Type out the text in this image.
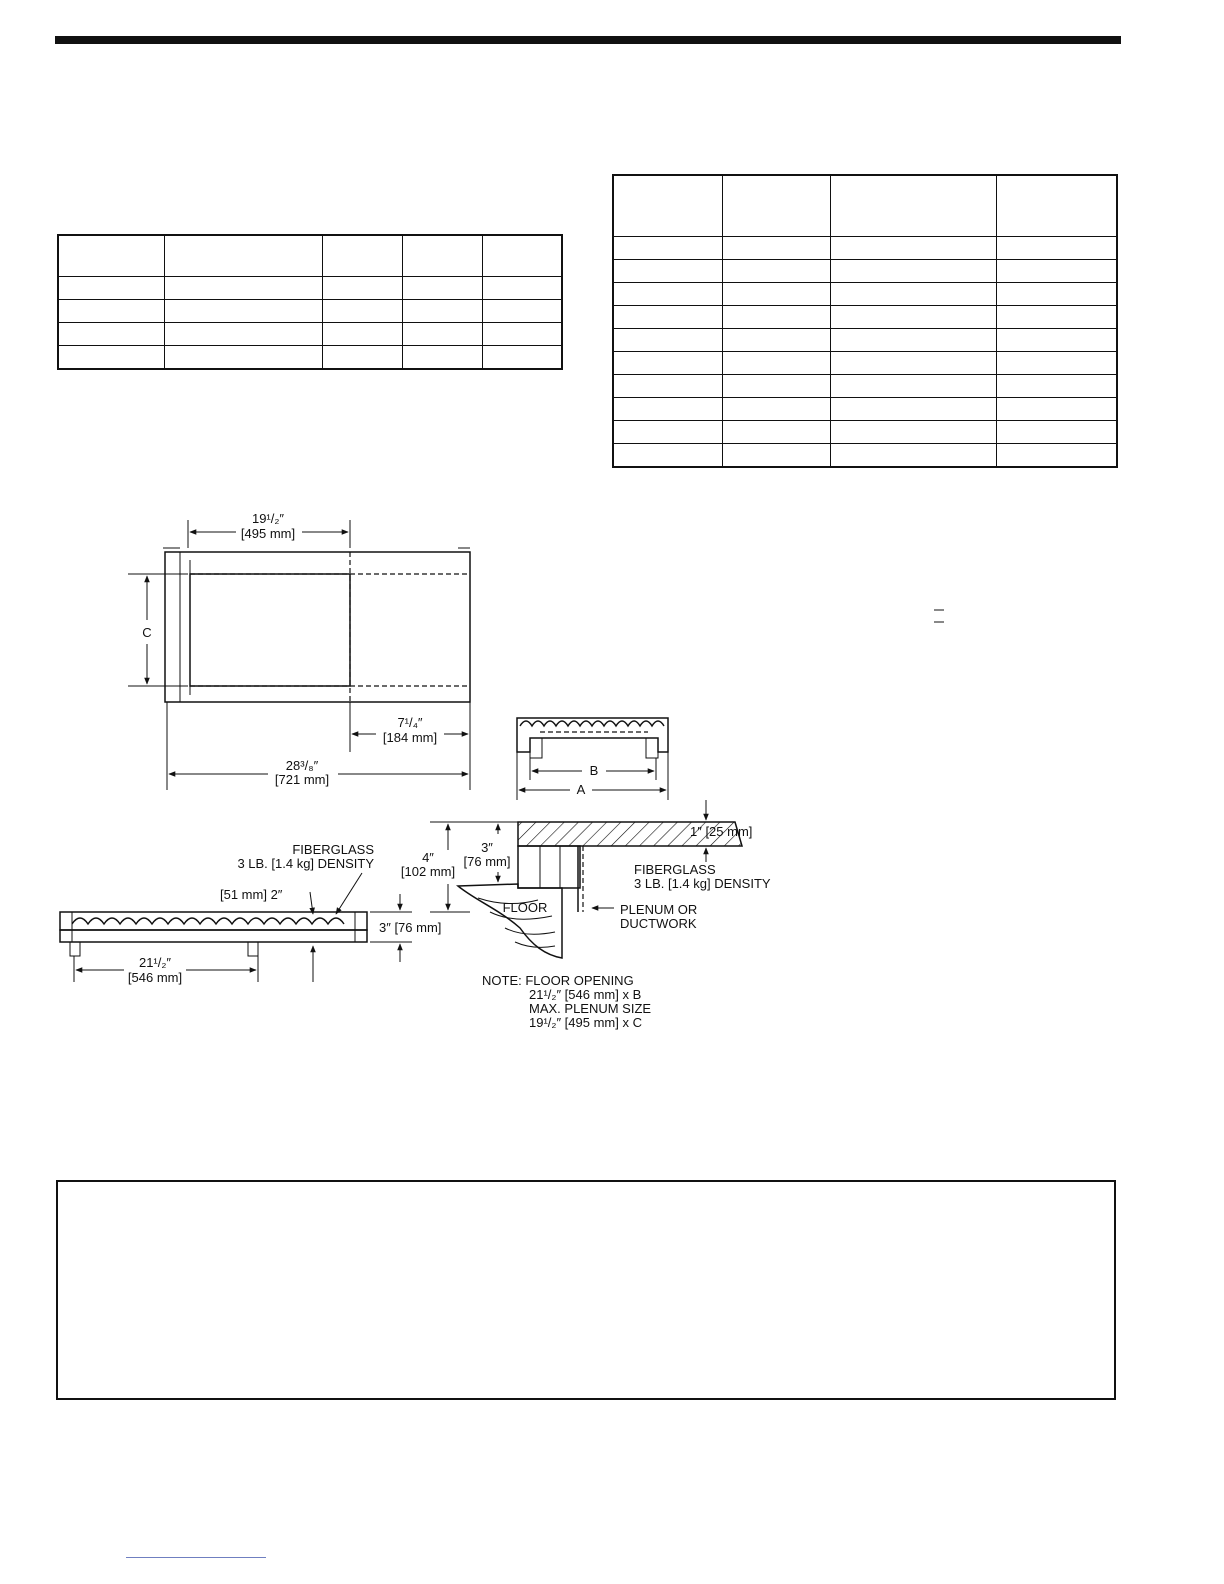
19¹/₂″
[495 mm]
C
7¹/₄″
[184 mm]
28³/₈″
[721 mm]
B
A
FIBERGLASS
3 LB. [1.4 kg] DENSITY
[51 mm] 2″
3″ [76 mm]
21¹/₂″
[546 mm]
FLOOR
4″
[102 mm]
3″
[76 mm]
1″ [25 mm]
FIBERGLASS
3 LB. [1.4 kg] DENSITY
PLENUM OR
DUCTWORK
NOTE: FLOOR OPENING
21¹/₂″ [546 mm] x B
MAX. PLENUM SIZE
19¹/₂″ [495 mm] x C
